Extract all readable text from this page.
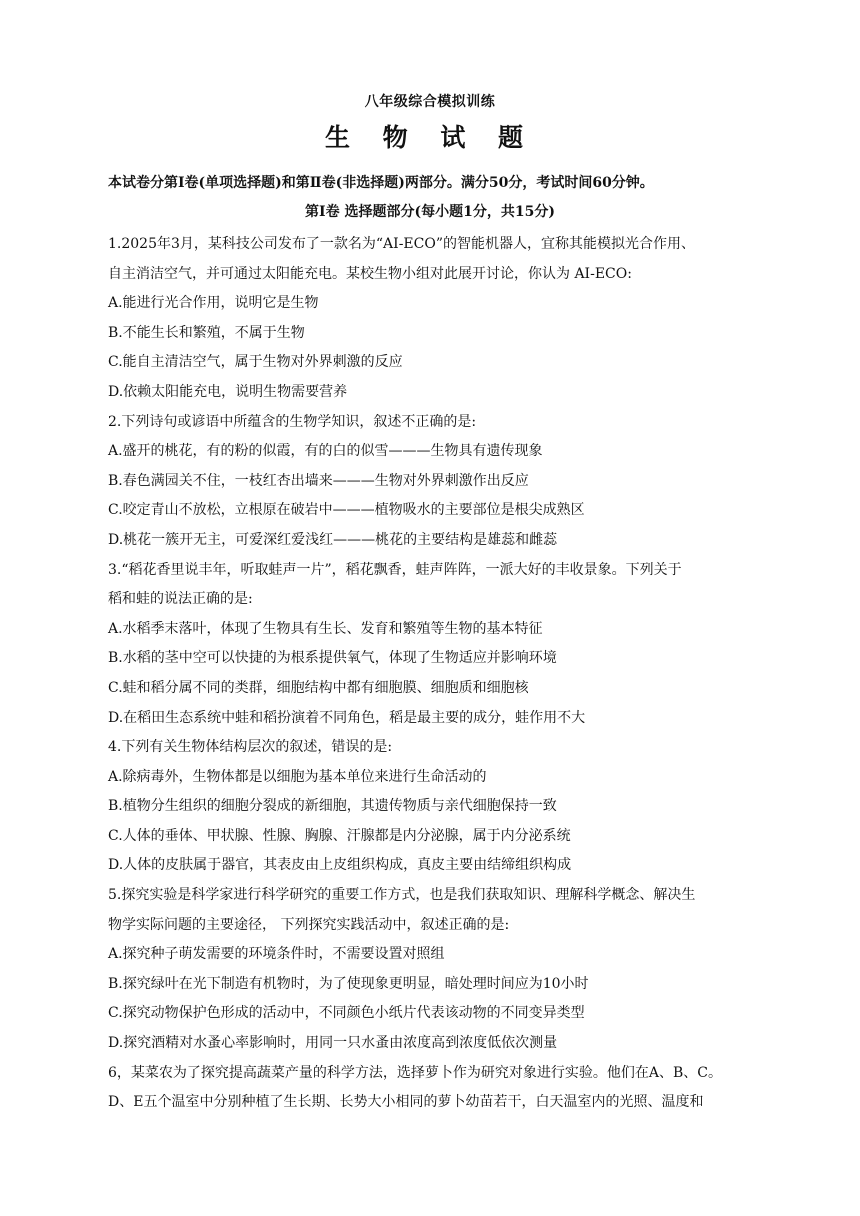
八年级综合模拟训练
生 物 试 题
本试卷分第Ⅰ卷(单项选择题)和第Ⅱ卷(非选择题)两部分。满分50分，考试时间60分钟。
第Ⅰ卷 选择题部分(每小题1分，共15分)
1.2025年3月，某科技公司发布了一款名为“AI-ECO”的智能机器人，宜称其能模拟光合作用、
自主消洁空气，并可通过太阳能充电。某校生物小组对此展开讨论，你认为 AI-ECO:
A.能进行光合作用，说明它是生物
B.不能生长和繁殖，不属于生物
C.能自主清洁空气，属于生物对外界刺激的反应
D.依赖太阳能充电，说明生物需要营养
2.下列诗句或谚语中所蕴含的生物学知识，叙述不正确的是:
A.盛开的桃花，有的粉的似霞，有的白的似雪———生物具有遗传现象
B.春色满园关不住，一枝红杏出墙来———生物对外界刺激作出反应
C.咬定青山不放松，立根原在破岩中———植物吸水的主要部位是根尖成熟区
D.桃花一簇开无主，可爱深红爱浅红———桃花的主要结构是雄蕊和雌蕊
3.“稻花香里说丰年，听取蛙声一片”，稻花飘香，蛙声阵阵，一派大好的丰收景象。下列关于
稻和蛙的说法正确的是:
A.水稻季末落叶，体现了生物具有生长、发育和繁殖等生物的基本特征
B.水稻的茎中空可以快捷的为根系提供氧气，体现了生物适应并影响环境
C.蛙和稻分属不同的类群，细胞结构中都有细胞膜、细胞质和细胞核
D.在稻田生态系统中蛙和稻扮演着不同角色，稻是最主要的成分，蛙作用不大
4.下列有关生物体结构层次的叙述，错误的是:
A.除病毒外，生物体都是以细胞为基本单位来进行生命活动的
B.植物分生组织的细胞分裂成的新细胞，其遗传物质与亲代细胞保持一致
C.人体的垂体、甲状腺、性腺、胸腺、汗腺都是内分泌腺，属于内分泌系统
D.人体的皮肤属于器官，其表皮由上皮组织构成，真皮主要由结缔组织构成
5.探究实验是科学家进行科学研究的重要工作方式，也是我们获取知识、理解科学概念、解决生
物学实际问题的主要途径， 下列探究实践活动中，叙述正确的是:
A.探究种子萌发需要的环境条件时，不需要设置对照组
B.探究绿叶在光下制造有机物时，为了使现象更明显，暗处理时间应为10小时
C.探究动物保护色形成的活动中，不同颜色小纸片代表该动物的不同变异类型
D.探究酒精对水蚤心率影响时，用同一只水蚤由浓度高到浓度低依次测量
6，某菜农为了探究提高蔬菜产量的科学方法，选择萝卜作为研究对象进行实验。他们在A、B、C。
D、E五个温室中分别种植了生长期、长势大小相同的萝卜幼苗若干，白天温室内的光照、温度和
